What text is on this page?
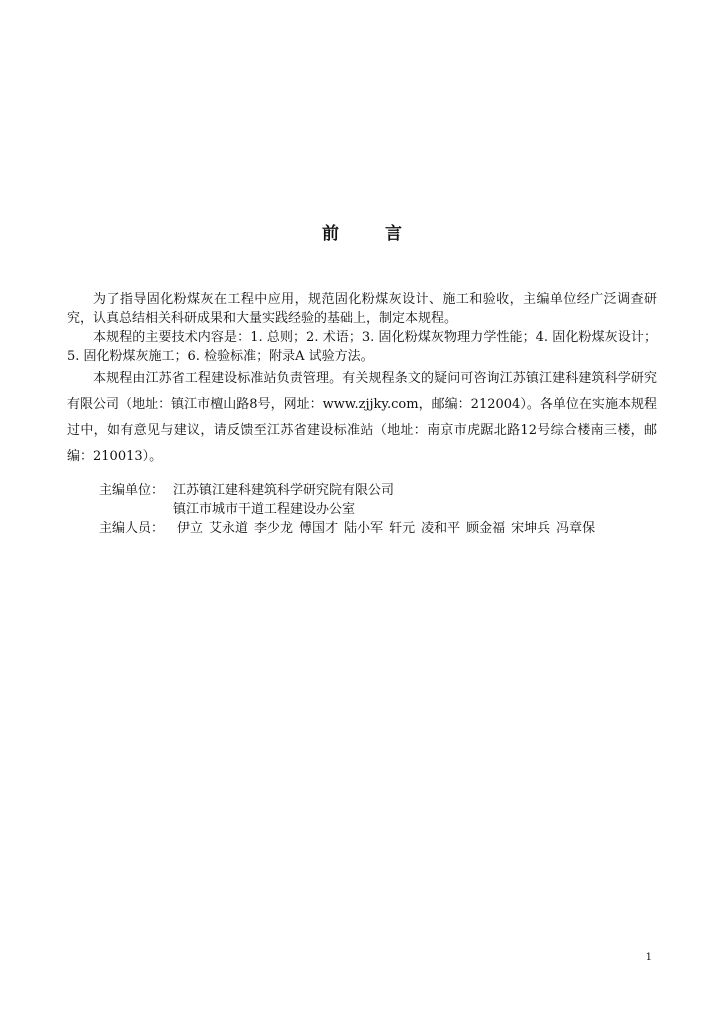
前 言

为了指导固化粉煤灰在工程中应用，规范固化粉煤灰设计、施工和验收，主编单位经广泛调查研究，认真总结相关科研成果和大量实践经验的基础上，制定本规程。

本规程的主要技术内容是：1. 总则；2. 术语；3. 固化粉煤灰物理力学性能；4. 固化粉煤灰设计；5. 固化粉煤灰施工；6. 检验标准；附录A 试验方法。

本规程由江苏省工程建设标准站负责管理。有关规程条文的疑问可咨询江苏镇江建科建筑科学研究有限公司（地址：镇江市檀山路8号，网址：www.zjjky.com，邮编：212004）。各单位在实施本规程过中，如有意见与建议，请反馈至江苏省建设标准站（地址：南京市虎踞北路12号综合楼南三楼，邮编：210013）。

主编单位： 江苏镇江建科建筑科学研究院有限公司
镇江市城市干道工程建设办公室
主编人员： 伊立 艾永道 李少龙 傅国才 陆小军 轩元 凌和平 顾金福 宋坤兵 冯章保
1
